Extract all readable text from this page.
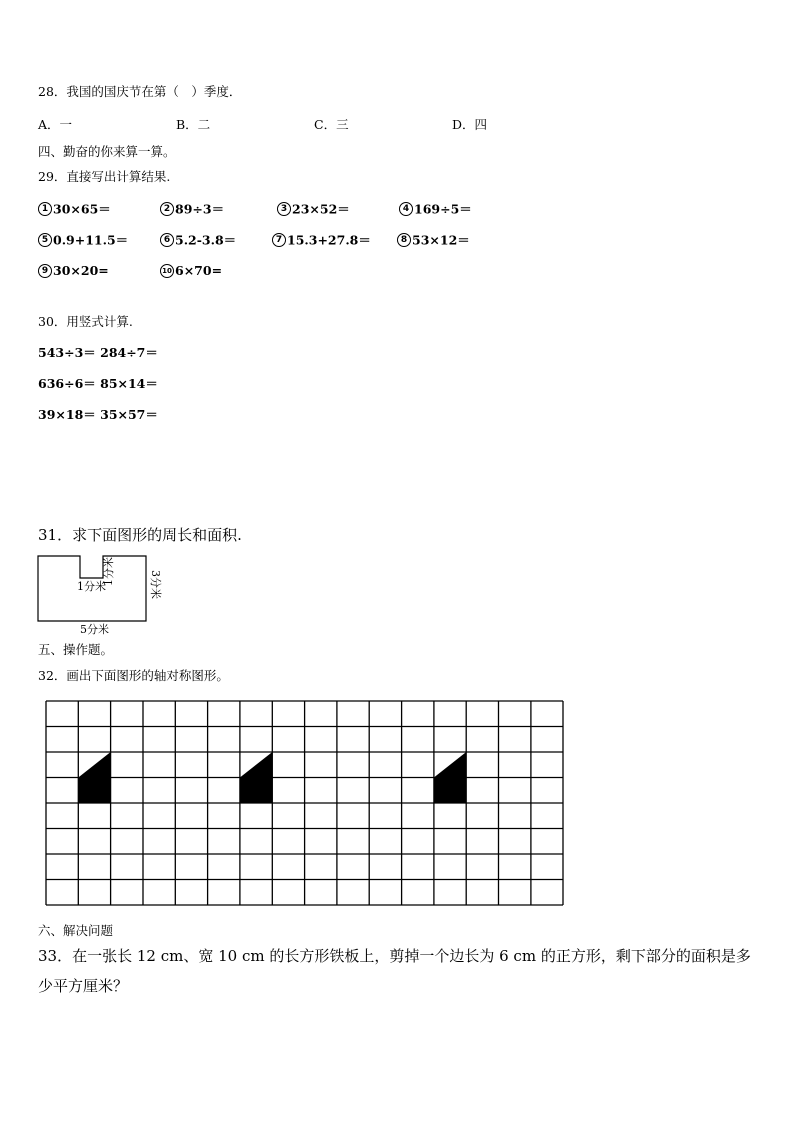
28．我国的国庆节在第（　）季度．
A．一	B．二	C．三	D．四
四、勤奋的你来算一算。
29．直接写出计算结果.
1 30×65＝	2 89÷3＝	3 23×52＝	4 169÷5＝
5 0.9+11.5＝	6 5.2-3.8＝	7 15.3+27.8＝	8 53×12＝
9 30×20=	10 6×70=
30．用竖式计算.
543÷3＝ 284÷7＝
636÷6＝ 85×14＝
39×18＝ 35×57＝
31．求下面图形的周长和面积.
1分米
1分米	3分米
5分米
五、操作题。
32．画出下面图形的轴对称图形。
六、解决问题
33．在一张长 12 cm、宽 10 cm 的长方形铁板上，剪掉一个边长为 6 cm 的正方形，剩下部分的面积是多
少平方厘米？
